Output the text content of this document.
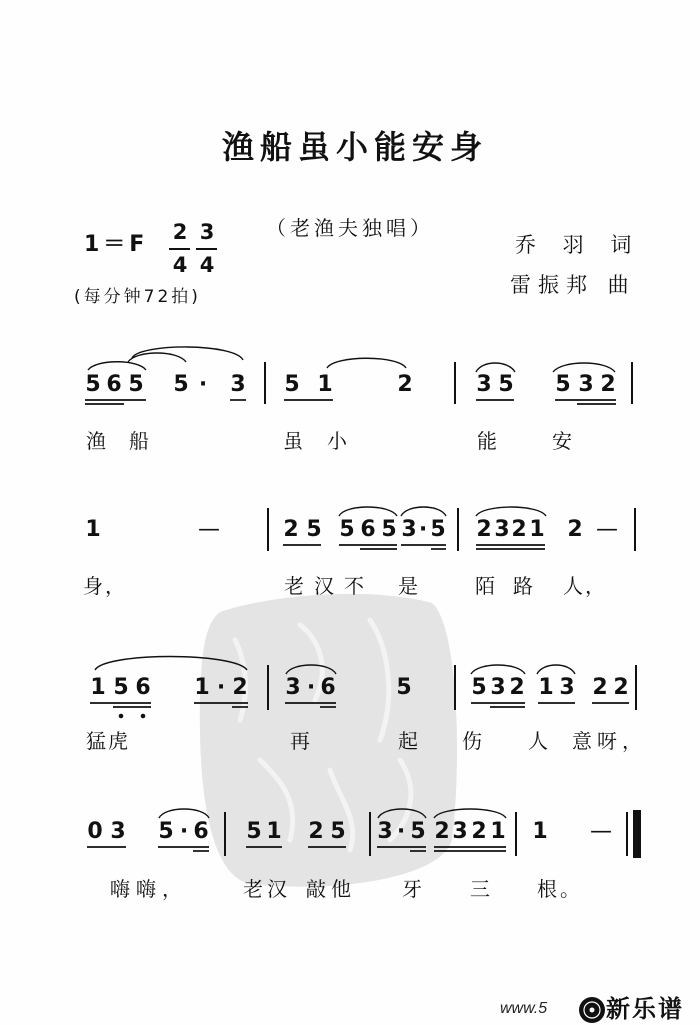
渔船虽小能安身
1＝F 2
4
3
4
（老渔夫独唱）
乔 羽 词
雷振邦 曲
(每分钟72拍)
5 6 5 5 ·	3 5 1	2	3 5 5 3 2
渔 船	虽 小	能	安
1	—	2 5 5 6 5 3 · 5 2 3 2 1 2 —
身，	老汉不 是	陌 路 人，
1 5 6 1 · 2 3 · 6	5	5 3 2 1 3 2 2
猛虎	再	起 伤 人 意呀，
0 3 5 · 6 5 1 2 5 3 · 5 2 3 2 1 1 —
嗨嗨，	老汉 敲他 牙 三 根。
www.5 新乐谱
